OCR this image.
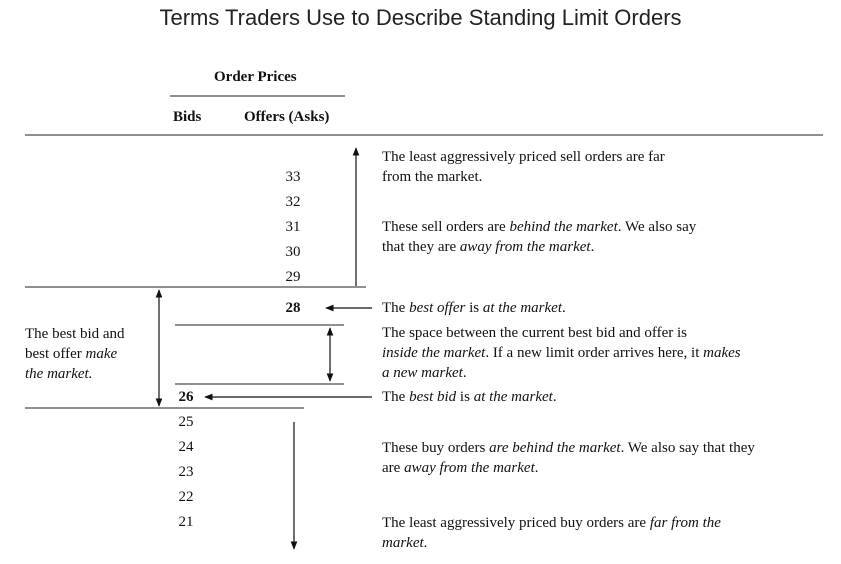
Terms Traders Use to Describe Standing Limit Orders
Order Prices
Bids	Offers (Asks)
33
32
31
30
29
28
26
25
24
23
22
21
The best bid and
best offer make
the market.
The least aggressively priced sell orders are far
from the market.
These sell orders are behind the market. We also say
that they are away from the market.
The best offer is at the market.
The space between the current best bid and offer is
inside the market. If a new limit order arrives here, it makes
a new market.
The best bid is at the market.
These buy orders are behind the market. We also say that they
are away from the market.
The least aggressively priced buy orders are far from the
market.
